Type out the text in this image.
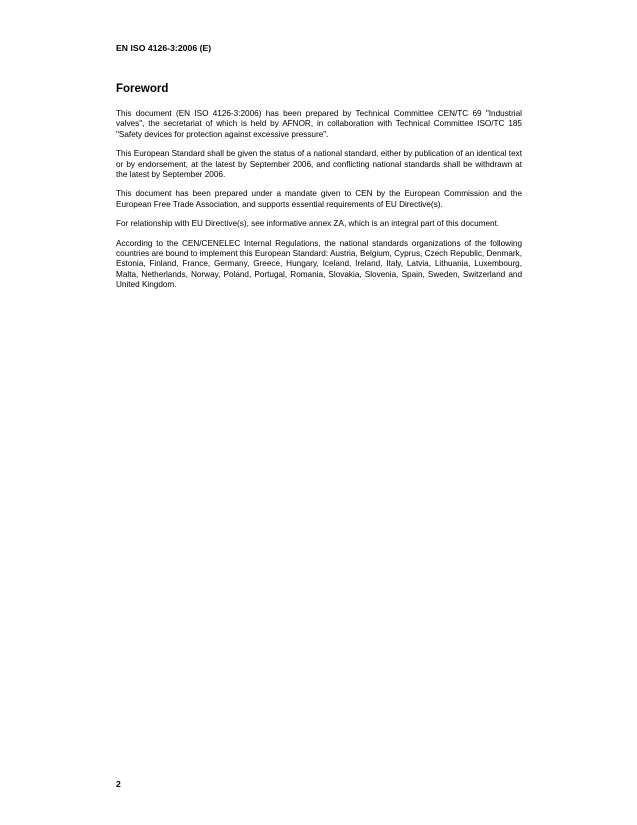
EN ISO 4126-3:2006 (E)
Foreword

This document (EN ISO 4126-3:2006) has been prepared by Technical Committee CEN/TC 69 "Industrial valves", the secretariat of which is held by AFNOR, in collaboration with Technical Committee ISO/TC 185 "Safety devices for protection against excessive pressure".

This European Standard shall be given the status of a national standard, either by publication of an identical text or by endorsement, at the latest by September 2006, and conflicting national standards shall be withdrawn at the latest by September 2006.

This document has been prepared under a mandate given to CEN by the European Commission and the European Free Trade Association, and supports essential requirements of EU Directive(s).

For relationship with EU Directive(s), see informative annex ZA, which is an integral part of this document.

According to the CEN/CENELEC Internal Regulations, the national standards organizations of the following countries are bound to implement this European Standard: Austria, Belgium, Cyprus, Czech Republic, Denmark, Estonia, Finland, France, Germany, Greece, Hungary, Iceland, Ireland, Italy, Latvia, Lithuania, Luxembourg, Malta, Netherlands, Norway, Poland, Portugal, Romania, Slovakia, Slovenia, Spain, Sweden, Switzerland and United Kingdom.

2
